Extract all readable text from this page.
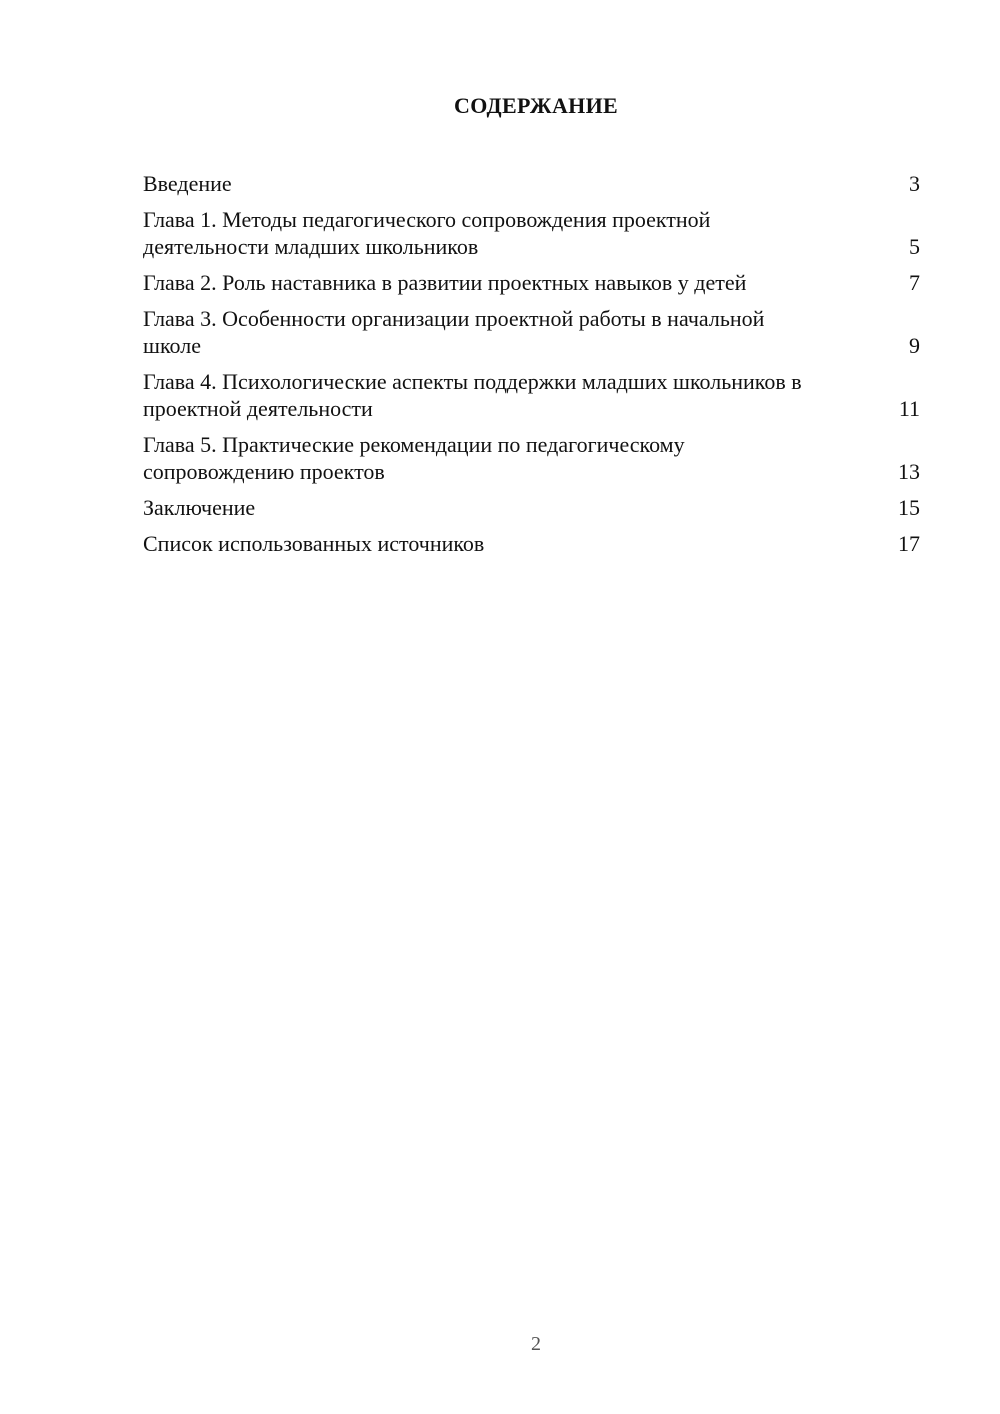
СОДЕРЖАНИЕ
Введение	3
Глава 1. Методы педагогического сопровождения проектной деятельности младших школьников	5
Глава 2. Роль наставника в развитии проектных навыков у детей	7
Глава 3. Особенности организации проектной работы в начальной школе	9
Глава 4. Психологические аспекты поддержки младших школьников в проектной деятельности	11
Глава 5. Практические рекомендации по педагогическому сопровождению проектов	13
Заключение	15
Список использованных источников	17
2
